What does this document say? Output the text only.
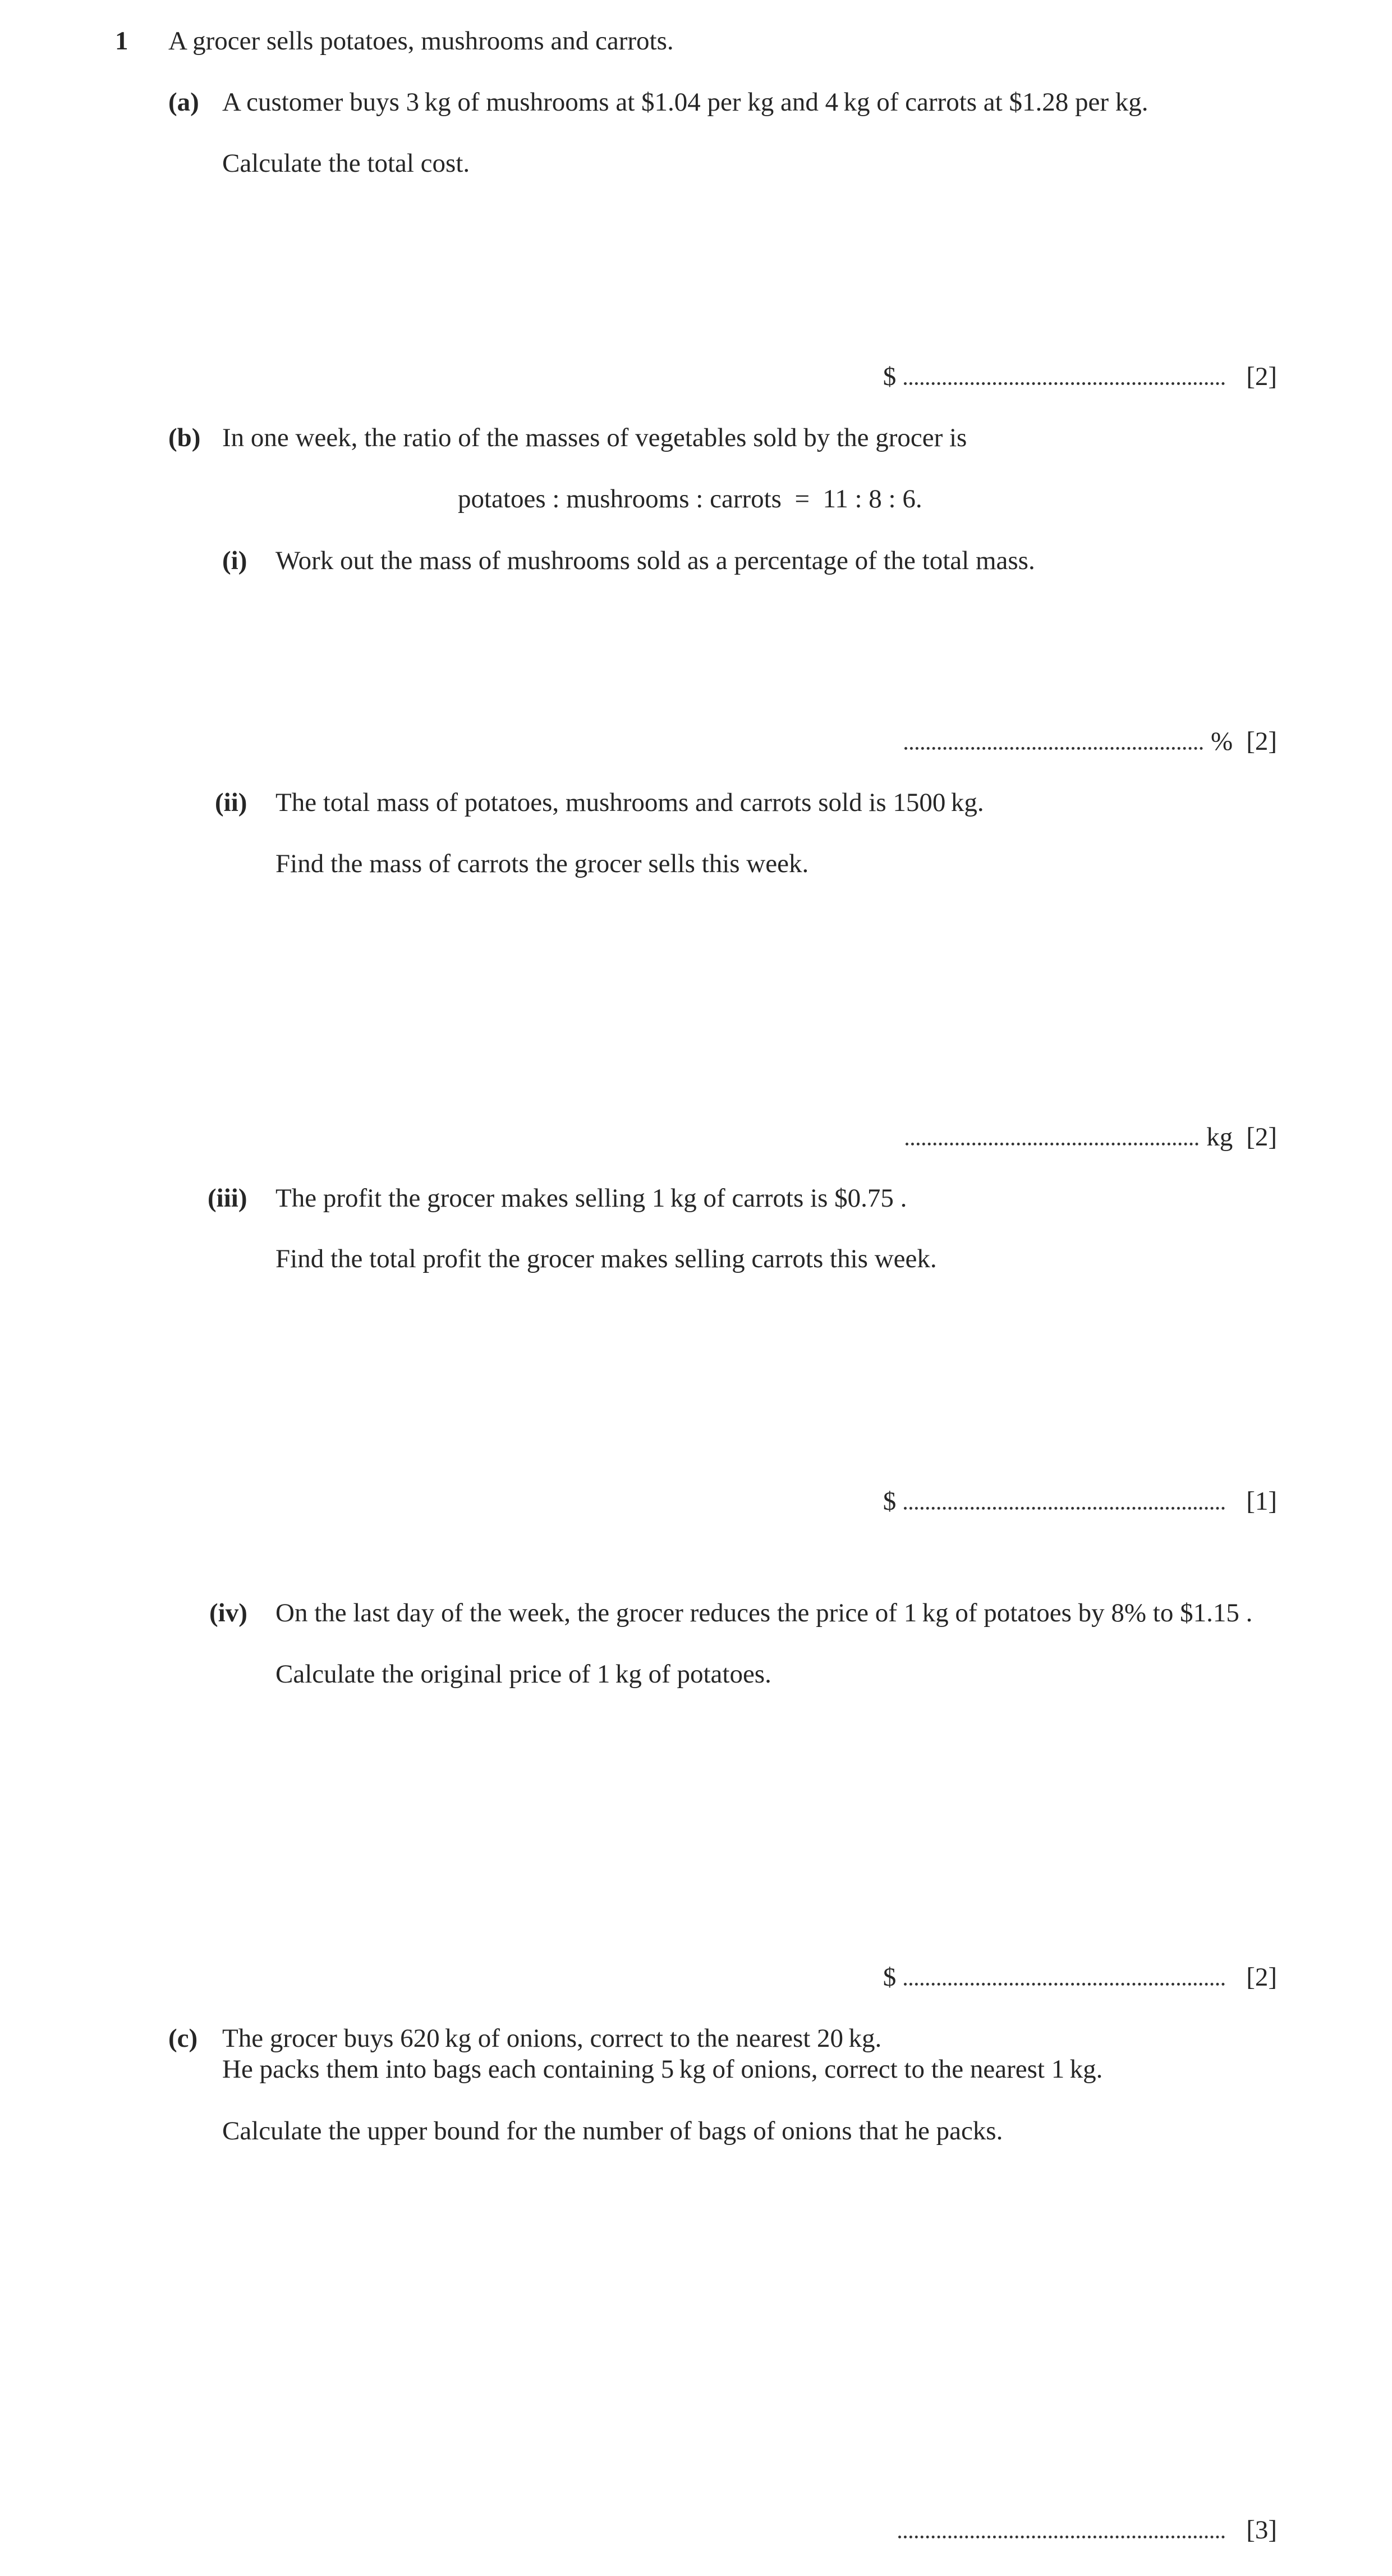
1 A grocer sells potatoes, mushrooms and carrots.
(a) A customer buys 3 kg of mushrooms at $1.04 per kg and 4 kg of carrots at $1.28 per kg.
Calculate the total cost.
$	[2]
(b) In one week, the ratio of the masses of vegetables sold by the grocer is
potatoes : mushrooms : carrots  =  11 : 8 : 6.
(i) Work out the mass of mushrooms sold as a percentage of the total mass.
% [2]
(ii) The total mass of potatoes, mushrooms and carrots sold is 1500 kg.
Find the mass of carrots the grocer sells this week.
kg [2]
(iii) The profit the grocer makes selling 1 kg of carrots is $0.75 .
Find the total profit the grocer makes selling carrots this week.
$	[1]
(iv) On the last day of the week, the grocer reduces the price of 1 kg of potatoes by 8% to $1.15 .
Calculate the original price of 1 kg of potatoes.
$	[2]
(c) The grocer buys 620 kg of onions, correct to the nearest 20 kg.
He packs them into bags each containing 5 kg of onions, correct to the nearest 1 kg.
Calculate the upper bound for the number of bags of onions that he packs.
[3]
